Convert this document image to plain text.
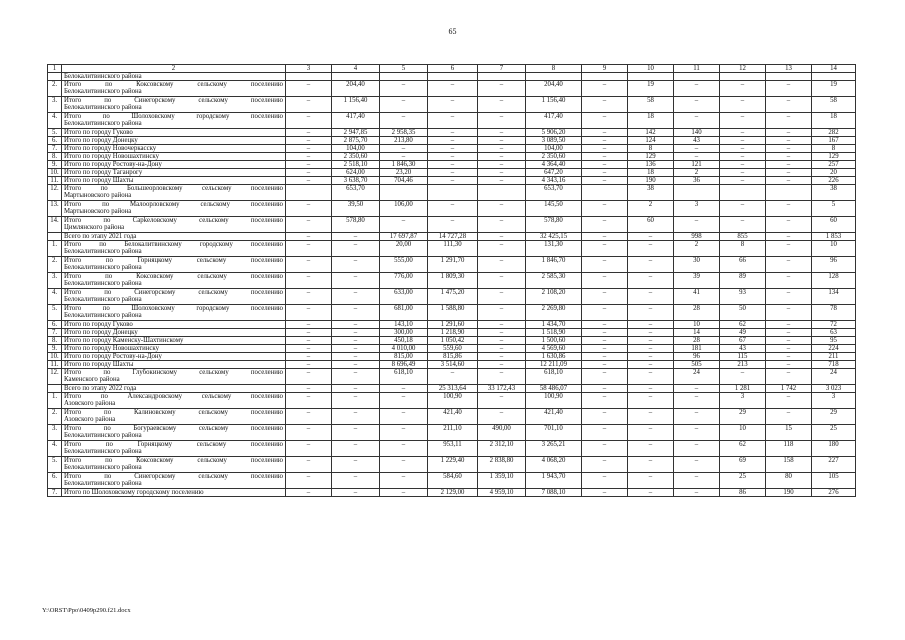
65
1	2	3	4	5	6	7	8	9	10	11	12	13	14
	Белокалитвинского района												
2.	Итого по Коксовскому сельскому поселению
Белокалитвинского района	–	204,40	–	–	–	204,40	–	19	–	–	–	19
3.	Итого по Синегорскому сельскому поселению
Белокалитвинского района	–	1 156,40	–	–	–	1 156,40	–	58	–	–	–	58
4.	Итого по Шолоховскому городскому поселению
Белокалитвинского района	–	417,40	–	–	–	417,40	–	18	–	–	–	18
5.	Итого по городу Гуково	–	2 947,85	2 958,35	–	–	5 906,20	–	142	140	–	–	282
6.	Итого по городу Донецку	–	2 875,70	213,80	–	–	3 089,50	–	124	43	–	–	167
7.	Итого по городу Новочеркасску	–	104,00	–	–	–	104,00	–	8	–	–	–	8
8.	Итого по городу Новошахтинску	–	2 350,60	–	–	–	2 350,60	–	129	–	–	–	129
9.	Итого по городу Ростову-на-Дону	–	2 518,10	1 846,30	–	–	4 364,40	–	136	121	–	–	257
10.	Итого по городу Таганрогу	–	624,00	23,20	–	–	647,20	–	18	2	–	–	20
11.	Итого по городу Шахты	–	3 638,70	704,46	–	–	4 343,16	–	190	36	–	–	226
12.	Итого по Большеорловскому сельскому поселению
Мартыновского района		653,70				653,70		38				38
13.	Итого по Малоорловскому сельскому поселению
Мартыновского района	–	39,50	106,00	–	–	145,50	–	2	3	–	–	5
14.	Итого по Сарkeловскому сельскому поселению
Цимлянского района	–	578,80	–	–	–	578,80	–	60	–	–	–	60
	Всего по этапу 2021 года	–	–	17 697,87	14 727,28	–	32 425,15	–	–	998	855	–	1 853
1.	Итого по Белокалитвинскому городскому поселению
Белокалитвинского района	–	–	20,00	111,30	–	131,30	–	–	2	8	–	10
2.	Итого по Горняцкому сельскому поселению
Белокалитвинского района	–	–	555,00	1 291,70	–	1 846,70	–	–	30	66	–	96
3.	Итого по Коксовскому сельскому поселению
Белокалитвинского района	–	–	776,00	1 809,30	–	2 585,30	–	–	39	89	–	128
4.	Итого по Синегорскому сельскому поселению
Белокалитвинского района	–	–	633,00	1 475,20	–	2 108,20	–	–	41	93	–	134
5.	Итого по Шолоховскому городскому поселению
Белокалитвинского района	–	–	681,00	1 588,80	–	2 269,80	–	–	28	50	–	78
6.	Итого по городу Гуково	–	–	143,10	1 291,60	–	1 434,70	–	–	10	62	–	72
7.	Итого по городу Донецку	–	–	300,00	1 218,90	–	1 518,90	–	–	14	49	–	63
8.	Итого по городу Каменску-Шахтинскому	–	–	450,18	1 050,42	–	1 500,60	–	–	28	67	–	95
9.	Итого по городу Новошахтинску	–	–	4 010,00	559,60	–	4 569,60	–	–	181	43	–	224
10.	Итого по городу Ростову-на-Дону	–	–	815,00	815,86	–	1 630,86	–	–	96	115	–	211
11.	Итого по городу Шахты	–	–	8 696,49	3 514,60	–	12 211,09	–	–	505	213	–	718
12.	Итого по Глубокинскому сельскому поселению
Каменского района	–	–	618,10	–	–	618,10	–	–	24	–	–	24
	Всего по этапу 2022 года	–	–	–	25 313,64	33 172,43	58 486,07	–	–	–	1 281	1 742	3 023
1.	Итого по Александровскому сельскому поселению
Азовского района	–	–	–	100,90	–	100,90	–	–	–	3	–	3
2.	Итого по Калиновскому сельскому поселению
Азовского района	–	–	–	421,40	–	421,40	–	–	–	29	–	29
3.	Итого по Богураевскому сельскому поселению
Белокалитвинского района	–	–	–	211,10	490,00	701,10	–	–	–	10	15	25
4.	Итого по Горняцкому сельскому поселению
Белокалитвинского района	–	–	–	953,11	2 312,10	3 265,21	–	–	–	62	118	180
5.	Итого по Коксовскому сельскому поселению
Белокалитвинского района	–	–	–	1 229,40	2 838,80	4 068,20	–	–	–	69	158	227
6.	Итого по Синегорскому сельскому поселению
Белокалитвинского района	–	–	–	584,60	1 359,10	1 943,70	–	–	–	25	80	105
7.	Итого по Шолоховскому городскому поселению	–	–	–	2 129,00	4 959,10	7 088,10	–	–	–	86	190	276
Y:\ORST\Ppo\0409p290.f21.docx
